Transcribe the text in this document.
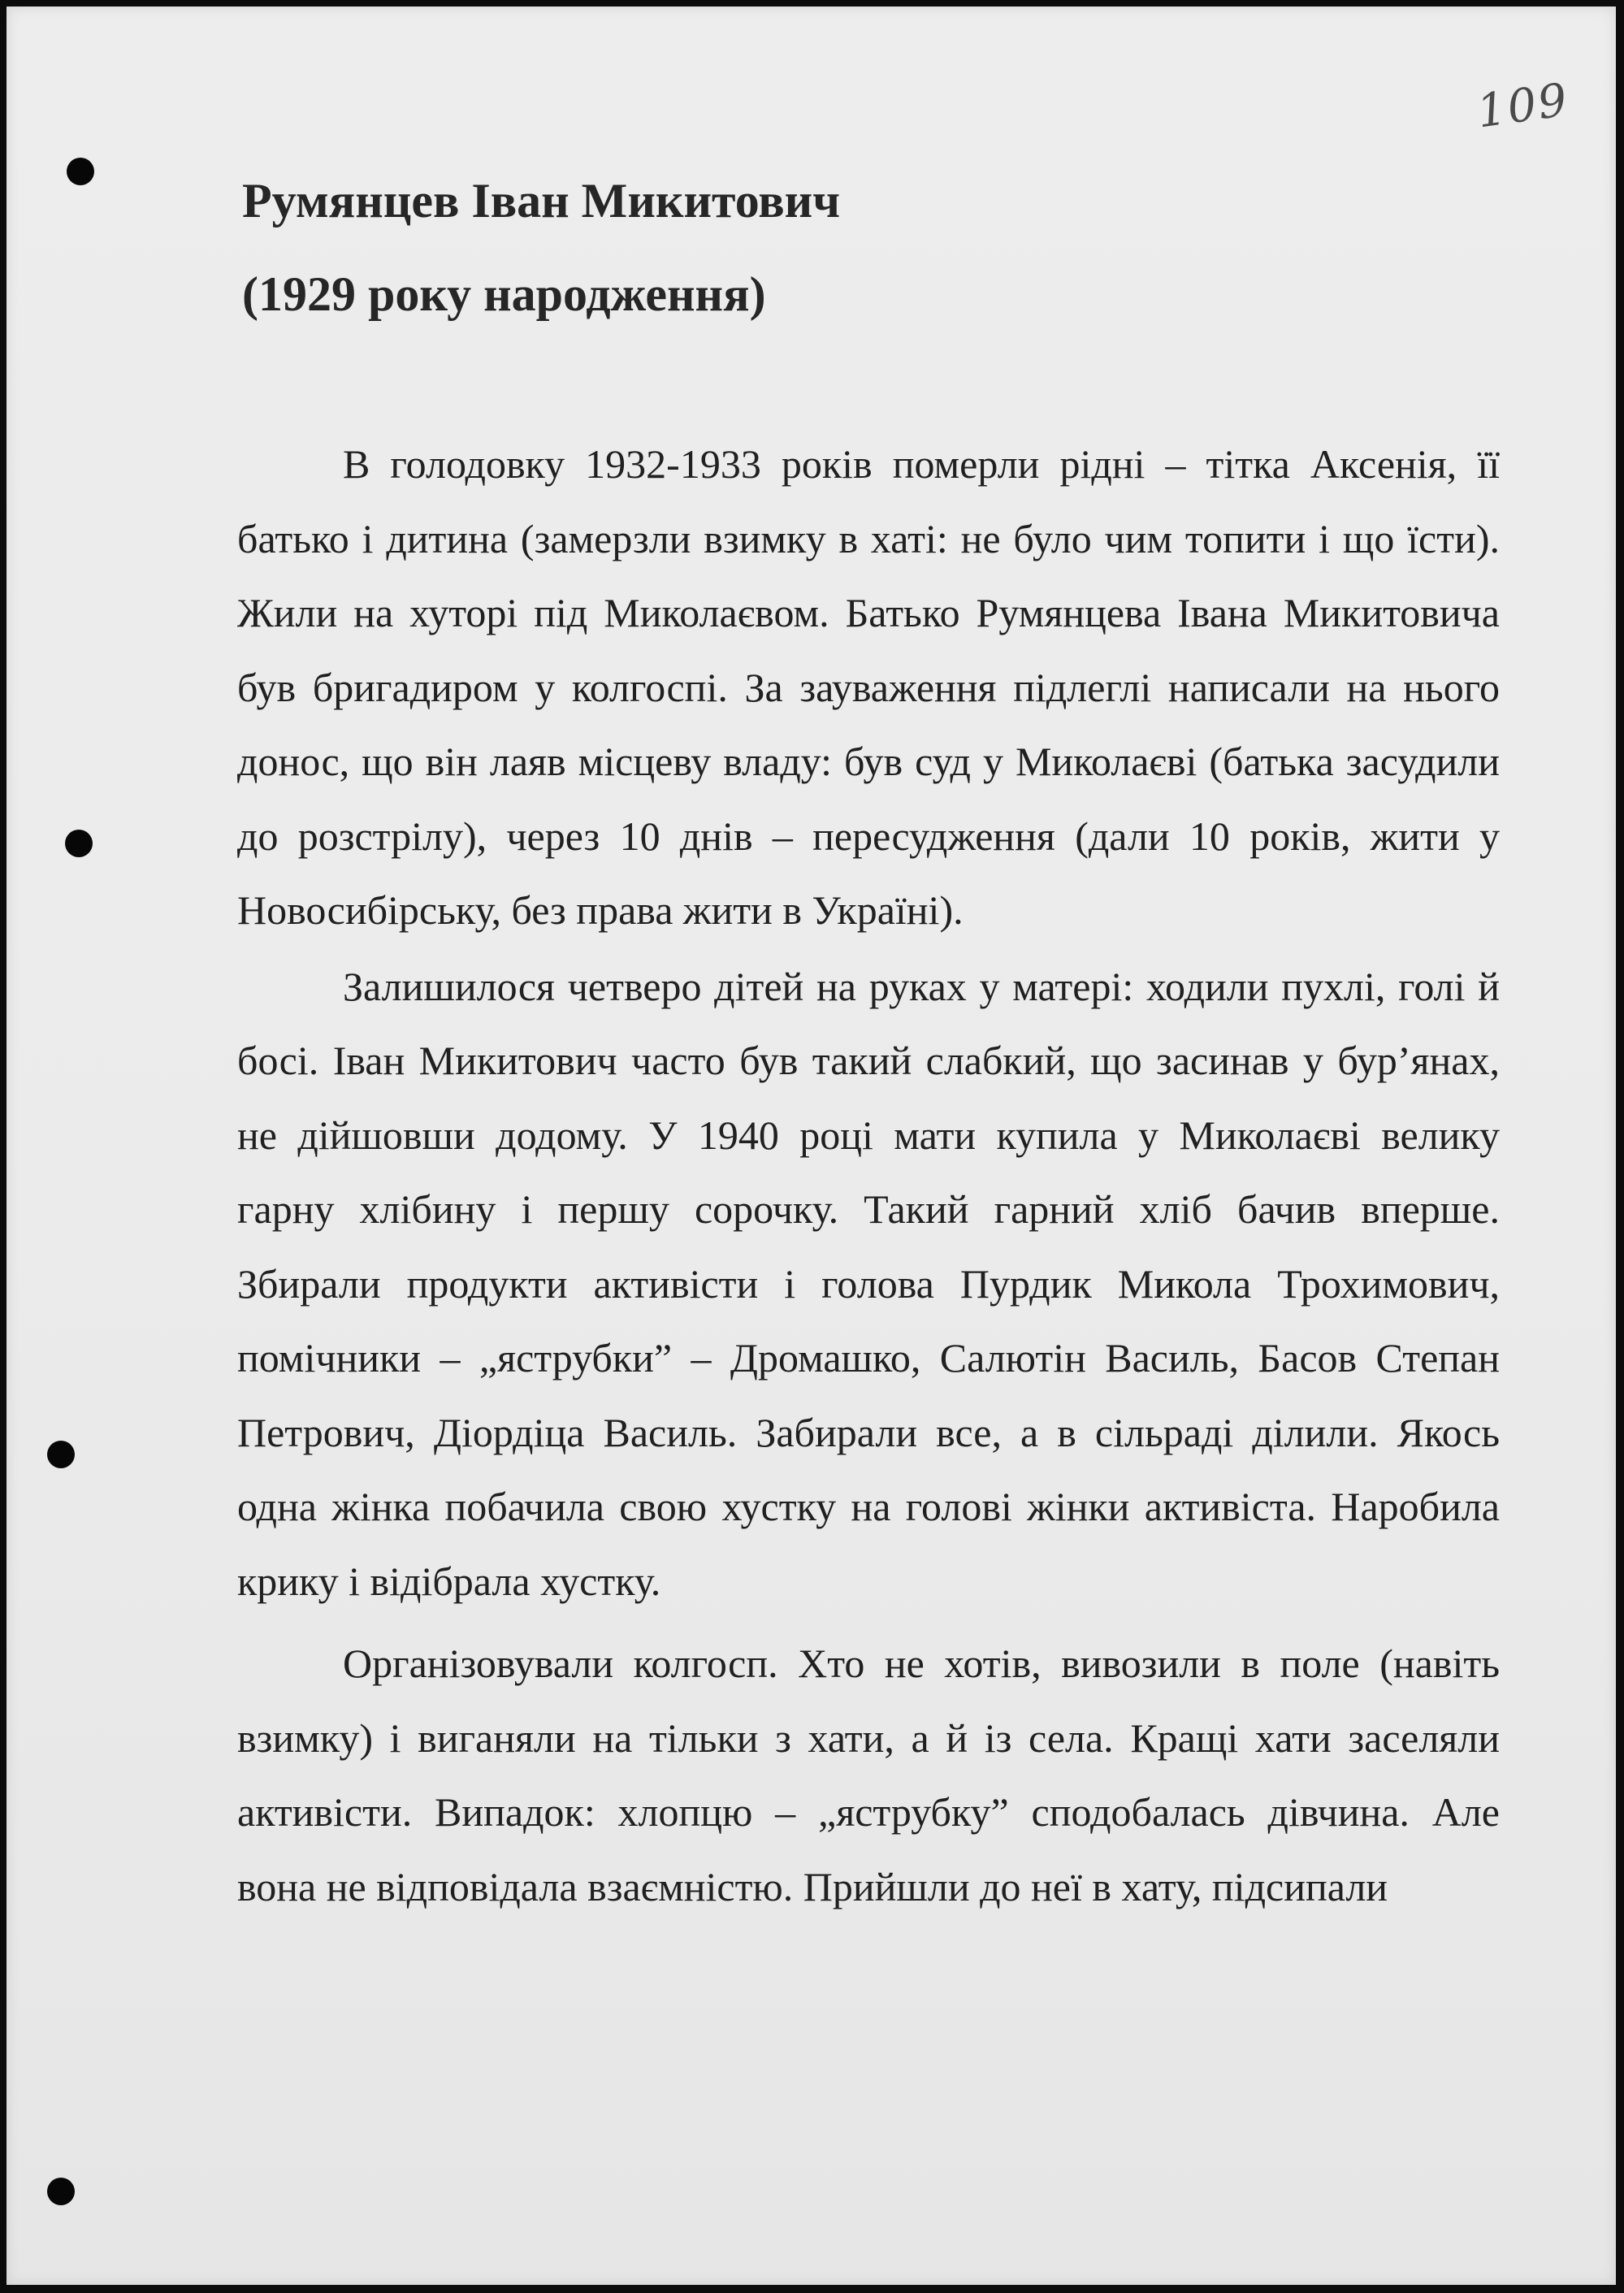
109
Румянцев Іван Микитович
(1929 року народження)

В голодовку 1932-1933 років померли рідні – тітка Аксенія, її батько і дитина (замерзли взимку в хаті: не було чим топити і що їсти). Жили на хуторі під Миколаєвом. Батько Румянцева Івана Микитовича був бригадиром у колгоспі. За зауваження підлеглі написали на нього донос, що він лаяв місцеву владу: був суд у Миколаєві (батька засудили до розстрілу), через 10 днів – пересудження (дали 10 років, жити у Новосибірську, без права жити в Україні).

Залишилося четверо дітей на руках у матері: ходили пухлі, голі й босі. Іван Микитович часто був такий слабкий, що засинав у бур’янах, не дійшовши додому. У 1940 році мати купила у Миколаєві велику гарну хлібину і першу сорочку. Такий гарний хліб бачив вперше. Збирали продукти активісти і голова Пурдик Микола Трохимович, помічники – „яструбки” – Дромашко, Салютін Василь, Басов Степан Петрович, Діордіца Василь. Забирали все, а в сільраді ділили. Якось одна жінка побачила свою хустку на голові жінки активіста. Наробила крику і відібрала хустку.

Організовували колгосп. Хто не хотів, вивозили в поле (навіть взимку) і виганяли на тільки з хати, а й із села. Кращі хати заселяли активісти. Випадок: хлопцю – „яструбку” сподобалась дівчина. Але вона не відповідала взаємністю. Прийшли до неї в хату, підсипали
